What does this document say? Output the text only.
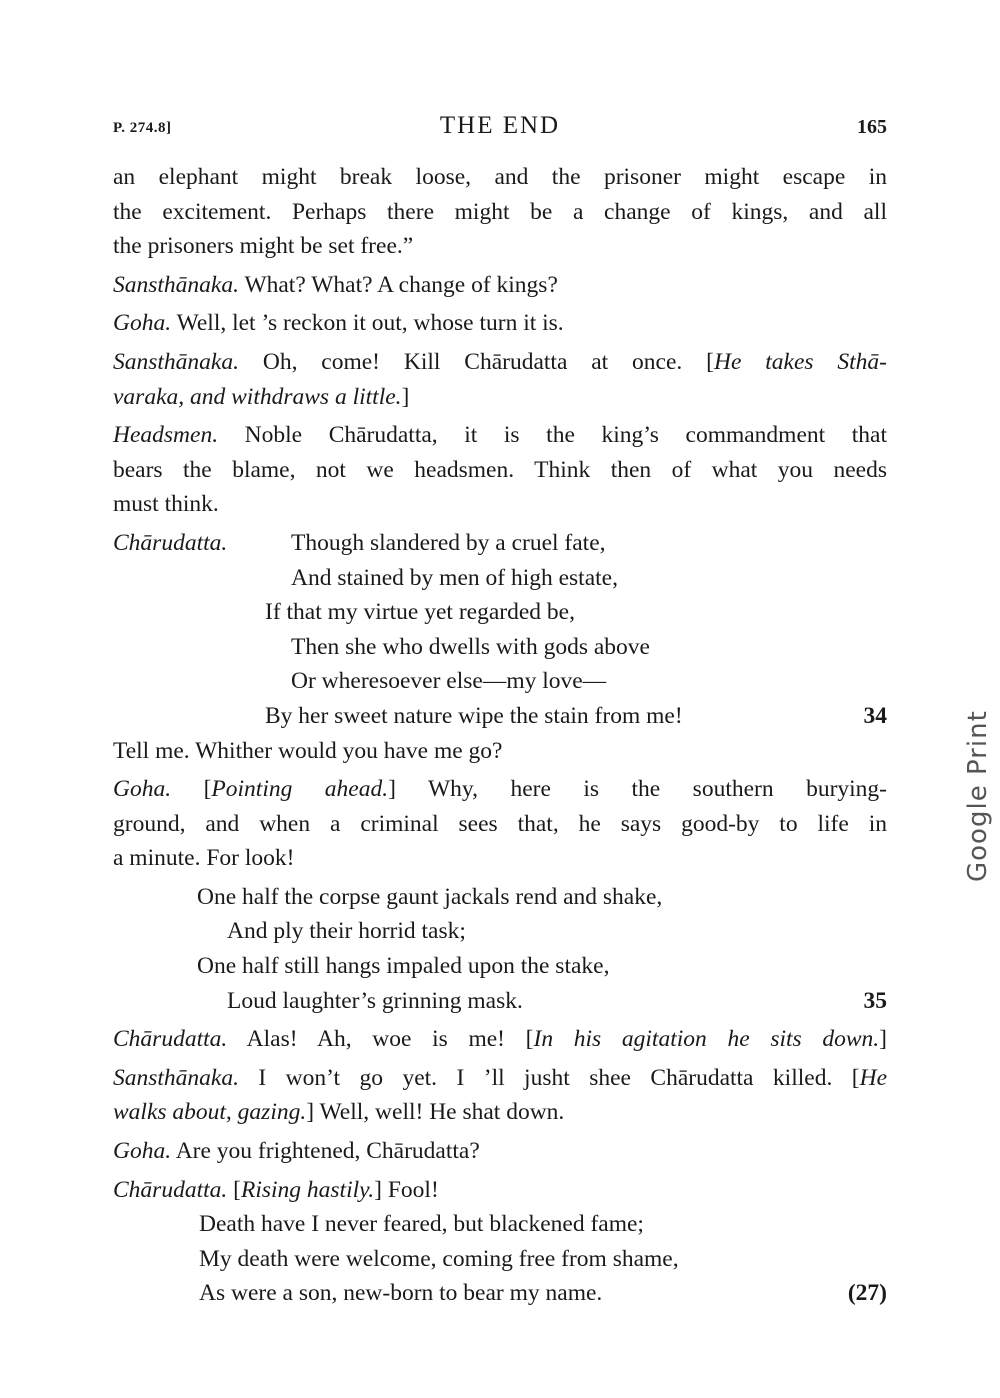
P. 274.8]	THE END	165
an elephant might break loose, and the prisoner might escape in
the excitement. Perhaps there might be a change of kings, and all
the prisoners might be set free.”
Sansthānaka. What? What? A change of kings?
Goha. Well, let ’s reckon it out, whose turn it is.
Sansthānaka. Oh, come! Kill Chārudatta at once. [He takes Sthā-
varaka, and withdraws a little.]
Headsmen. Noble Chārudatta, it is the king’s commandment that
bears the blame, not we headsmen. Think then of what you needs
must think.
Chārudatta.	Though slandered by a cruel fate,
And stained by men of high estate,
If that my virtue yet regarded be,
Then she who dwells with gods above
Or wheresoever else—my love—
By her sweet nature wipe the stain from me!	34
Tell me. Whither would you have me go?
Goha. [Pointing ahead.] Why, here is the southern burying-
ground, and when a criminal sees that, he says good-by to life in
a minute. For look!
One half the corpse gaunt jackals rend and shake,
And ply their horrid task;
One half still hangs impaled upon the stake,
Loud laughter’s grinning mask.	35
Chārudatta. Alas! Ah, woe is me! [In his agitation he sits down.]
Sansthānaka. I won’t go yet. I ’ll jusht shee Chārudatta killed. [He
walks about, gazing.] Well, well! He shat down.
Goha. Are you frightened, Chārudatta?
Chārudatta. [Rising hastily.] Fool!
Death have I never feared, but blackened fame;
My death were welcome, coming free from shame,
As were a son, new-born to bear my name.	(27)
Google Print
